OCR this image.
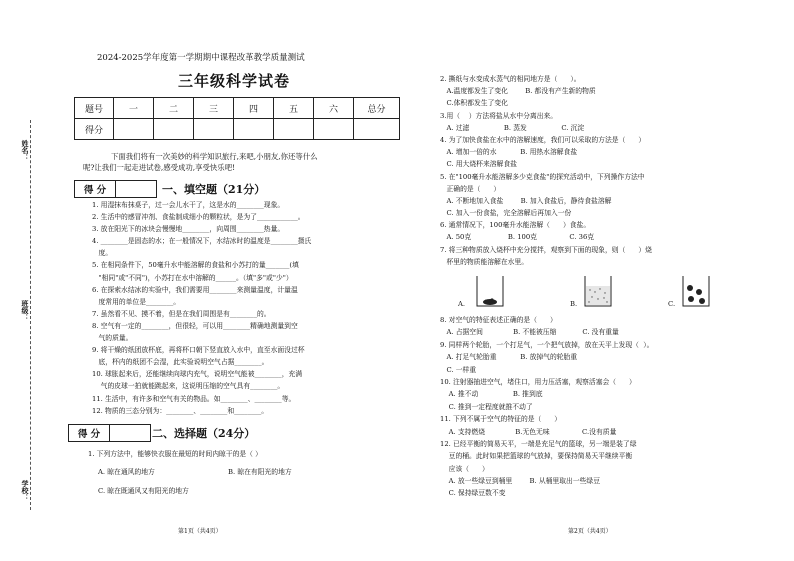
姓名：
班级：
学校：
2024-2025学年度第一学期期中课程改革教学质量测试
三年级科学试卷
题号	一	二	三	四	五	六	总分
得分							
下面我们将有一次美妙的科学知识旅行,来吧,小朋友,你还等什么
呢?让我们一起走进试卷,感受成功,享受快乐吧!
得 分	一、填空题（21分）
1. 用湿抹布抹桌子，过一会儿水干了，这是水的________现象。
2. 生活中的感冒冲剂、食盐制成细小的颗粒状，是为了____________。
3. 放在阳光下的冰块会慢慢地________，向周围________热量。
4. ________是固态的水；在一般情况下，水结冰时的温度是________摄氏
度。
5. 在相同条件下，50毫升水中能溶解的食盐和小苏打的量_______(填
"相同"或"不同")，小苏打在水中溶解的______。（填"多"或"少"）
6. 在探索水结冰的实验中，我们需要用________来测量温度，计量温
度常用的单位是________。
7. 虽然看不见、摸不着，但是在我们周围是有________的。
8. 空气有一定的________，但很轻，可以用________精确地测量到空
气的质量。
9. 将干燥的纸团放杯底，再将杯口朝下竖直放入水中，直至水面没过杯
底，杯内的纸团不会湿，此实验说明空气占据________。
10. 球胀起来后，还能继续向球内充气，说明空气能被________，充满
气的皮球一拍就能跳起来，这说明压缩的空气具有________。
11. 生活中，有许多和空气有关的物品。如________、________等。
12. 物质的三态分别为：________、________和________。
得 分	二、选择题（24分）
1. 下列方法中，能够快衣服在最短的时间内晾干的是（ ）
A. 晾在通风的地方	B. 晾在有阳光的地方
C. 晾在既通风又有阳光的地方
第1页（共4页）
2. 撕纸与水变成水蒸气的相同地方是（      ）。
A.温度都发生了变化        B. 都没有产生新的物质
C.体积都发生了变化
3.用（    ）方法将盐从水中分离出来。
A. 过滤                B. 蒸发                C. 沉淀
4. 为了加快食盐在水中的溶解速度，我们可以采取的方法是（      ）
A. 增加一倍的水           B. 用热水溶解食盐
C. 用大烧杯来溶解食盐
5. 在"100毫升水能溶解多少克食盐"的探究活动中，下列操作方法中
正确的是（      ）
A. 不断地加入食盐        B. 加入食盐后，静待食盐溶解
C. 加入一份食盐，完全溶解后再加入一份
6. 通常情况下，100毫升水能溶解（      ）食盐。
A. 50克                 B. 100克               C. 36克
7. 将三种物质放入烧杯中充分搅拌，观察到下面的现象，则（      ）烧
杯里的物质能溶解在水里。
A.	B.	C.
8. 对空气的特征表述正确的是（      ）
A. 占据空间              B. 不能被压缩            C. 没有重量
9. 同样两个轮胎，一个打足气，一个把气放掉，放在天平上发现（  ）。
A. 打足气轮胎重           B. 放掉气的轮胎重
C. 一样重
10. 注射器抽进空气，堵住口，用力压活塞，观察活塞会（      ）
A. 推不动                B. 推到底
C. 推到一定程度就推不动了
11. 下列不属于空气的特征的是（      ）
A. 支持燃烧              B.无色无味               C.没有质量
12. 已经平衡的简易天平，一端是充足气的篮球，另一端是装了绿
豆的桶。此时如果把篮球的气放掉，要保持简易天平继续平衡
应该（      ）
A. 放一些绿豆到桶里        B. 从桶里取出一些绿豆
C. 保持绿豆数不变
第2页（共4页）
